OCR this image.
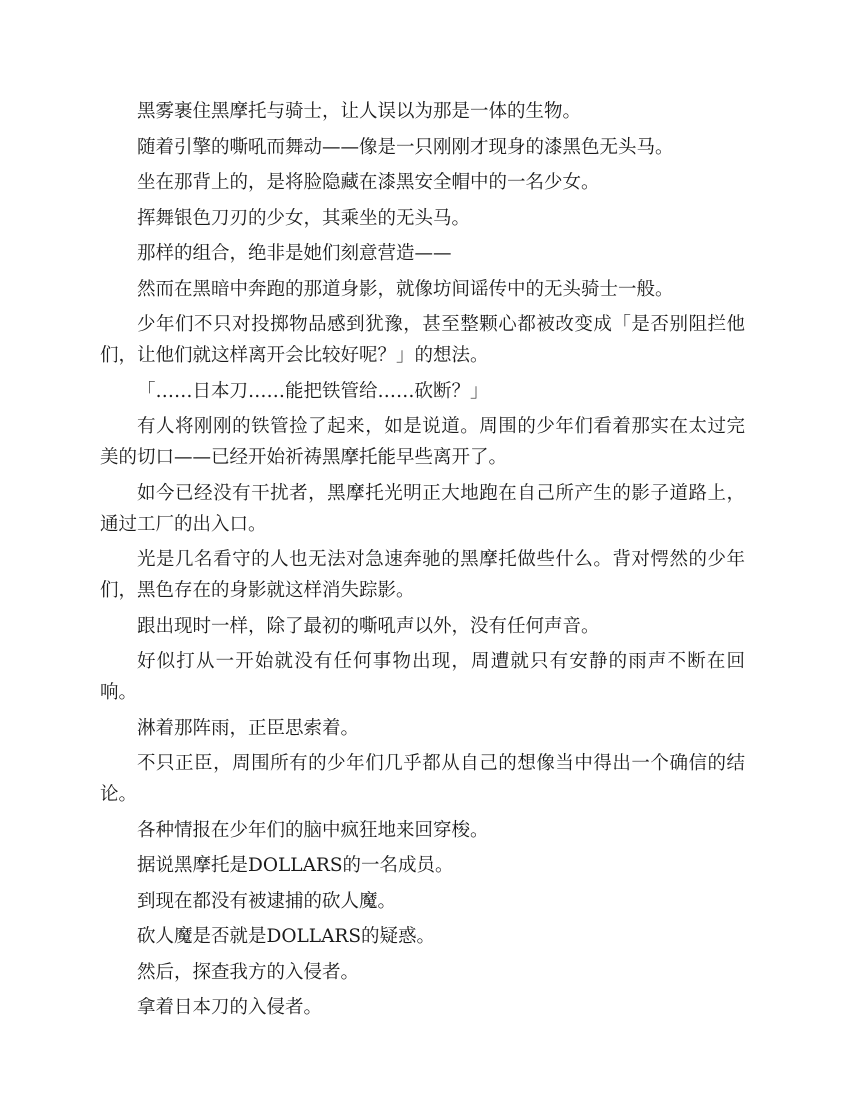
黑雾裹住黑摩托与骑士，让人误以为那是一体的生物。

随着引擎的嘶吼而舞动——像是一只刚刚才现身的漆黑色无头马。

坐在那背上的，是将脸隐藏在漆黑安全帽中的一名少女。

挥舞银色刀刃的少女，其乘坐的无头马。

那样的组合，绝非是她们刻意营造——

然而在黑暗中奔跑的那道身影，就像坊间谣传中的无头骑士一般。

少年们不只对投掷物品感到犹豫，甚至整颗心都被改变成「是否别阻拦他们，让他们就这样离开会比较好呢？」的想法。

「……日本刀……能把铁管给……砍断？」

有人将刚刚的铁管捡了起来，如是说道。周围的少年们看着那实在太过完美的切口——已经开始祈祷黑摩托能早些离开了。

如今已经没有干扰者，黑摩托光明正大地跑在自己所产生的影子道路上，通过工厂的出入口。

光是几名看守的人也无法对急速奔驰的黑摩托做些什么。背对愕然的少年们，黑色存在的身影就这样消失踪影。

跟出现时一样，除了最初的嘶吼声以外，没有任何声音。

好似打从一开始就没有任何事物出现，周遭就只有安静的雨声不断在回响。

淋着那阵雨，正臣思索着。

不只正臣，周围所有的少年们几乎都从自己的想像当中得出一个确信的结论。

各种情报在少年们的脑中疯狂地来回穿梭。

据说黑摩托是DOLLARS的一名成员。

到现在都没有被逮捕的砍人魔。

砍人魔是否就是DOLLARS的疑惑。

然后，探查我方的入侵者。

拿着日本刀的入侵者。
